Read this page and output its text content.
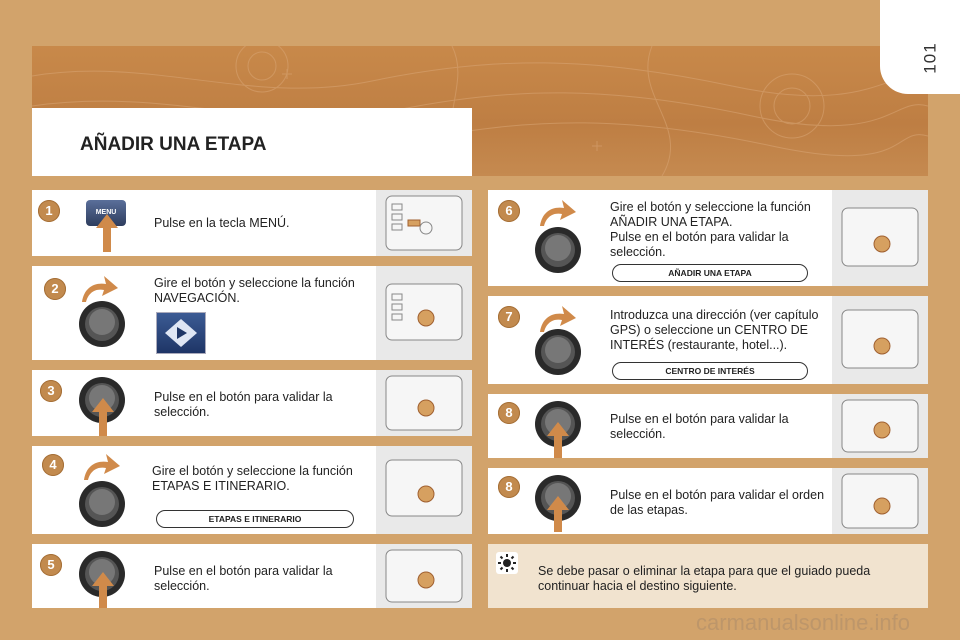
101
AÑADIR UNA ETAPA
1	MENU
Pulse en la tecla MENÚ.
2	Gire el botón y seleccione la función NAVEGACIÓN.
3	Pulse en el botón para validar la selección.
4	Gire el botón y seleccione la función ETAPAS E ITINERARIO.
ETAPAS E ITINERARIO
5	Pulse en el botón para validar la selección.
6	Gire el botón y seleccione la función AÑADIR UNA ETAPA.
Pulse en el botón para validar la selección.
AÑADIR UNA ETAPA
7	Introduzca una dirección (ver capítulo GPS) o seleccione un CENTRO DE INTERÉS (restaurante, hotel...).
CENTRO DE INTERÉS
8	Pulse en el botón para validar la selección.
8
Pulse en el botón para validar el orden de las etapas.
Se debe pasar o eliminar la etapa para que el guiado pueda continuar hacia el destino siguiente.
carmanualsonline.info
